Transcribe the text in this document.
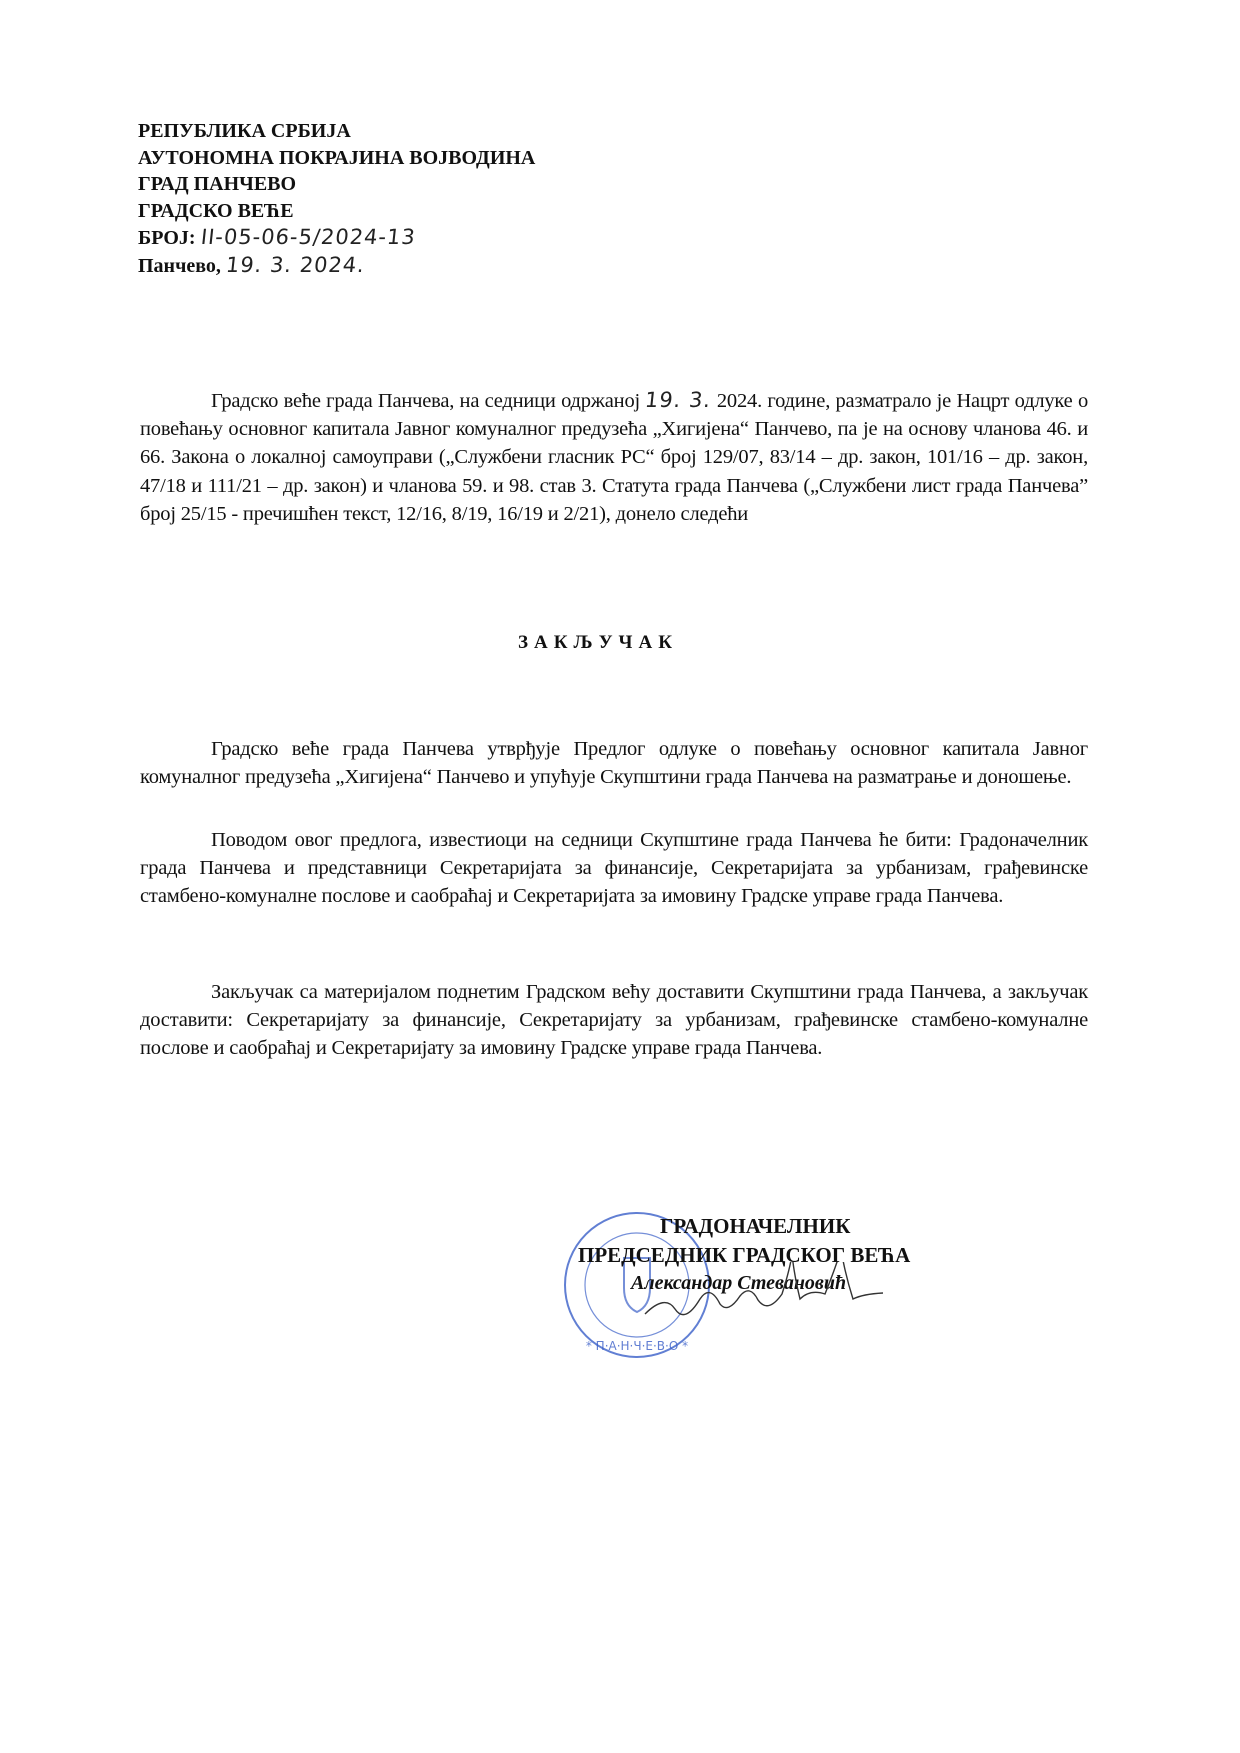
РЕПУБЛИКА СРБИЈА
АУТОНОМНА ПОКРАЈИНА ВОЈВОДИНА
ГРАД ПАНЧЕВО
ГРАДСКО ВЕЋЕ
БРОЈ: II-05-06-5/2024-13
Панчево, 19. 3. 2024.
Градско веће града Панчева, на седници одржаној 19. 3. 2024. године, разматрало је Нацрт одлуке о повећању основног капитала Јавног комуналног предузећа „Хигијена“ Панчево, па је на основу чланова 46. и 66. Закона о локалној самоуправи („Службени гласник РС“ број 129/07, 83/14 – др. закон, 101/16 – др. закон, 47/18 и 111/21 – др. закон) и чланова 59. и 98. став 3. Статута града Панчева („Службени лист града Панчева” број 25/15 - пречишћен текст, 12/16, 8/19, 16/19 и 2/21), донело следећи
ЗАКЉУЧАК
Градско веће града Панчева утврђује Предлог одлуке о повећању основног капитала Јавног комуналног предузећа „Хигијена“ Панчево и упућује Скупштини града Панчева на разматрање и доношење.
Поводом овог предлога, известиоци на седници Скупштине града Панчева ће бити: Градоначелник града Панчева и представници Секретаријата за финансије, Секретаријата за урбанизам, грађевинске стамбено-комуналне послове и саобраћај и Секретаријата за имовину Градске управе града Панчева.
Закључак са материјалом поднетим Градском већу доставити Скупштини града Панчева, а закључак доставити: Секретаријату за финансије, Секретаријату за урбанизам, грађевинске стамбено-комуналне послове и саобраћај и Секретаријату за имовину Градске управе града Панчева.
* П·А·Н·Ч·Е·В·О *
ГРАДОНАЧЕЛНИК
ПРЕДСЕДНИК ГРАДСКОГ ВЕЋА
Александар Стевановић
